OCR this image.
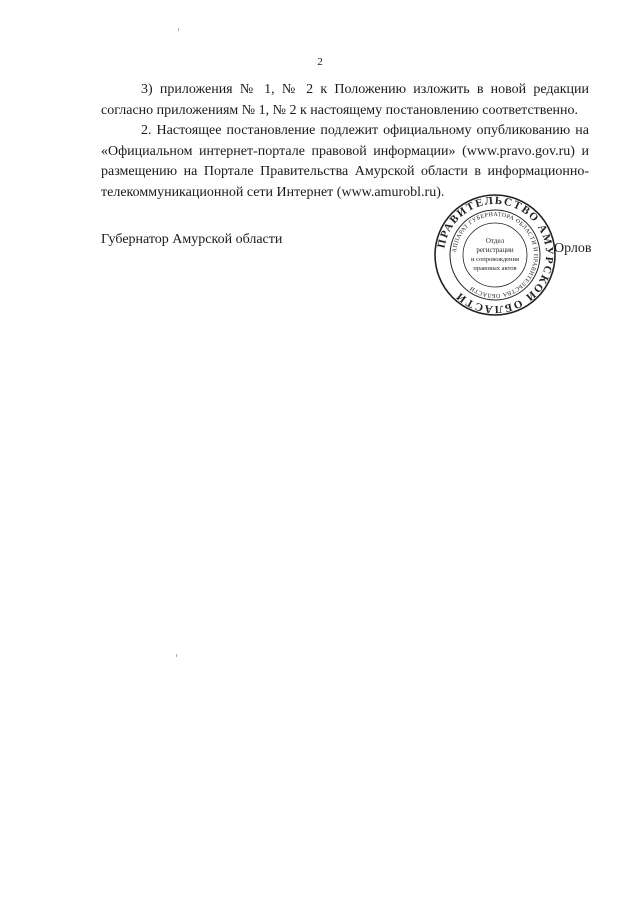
2

3) приложения № 1, № 2 к Положению изложить в новой редакции согласно приложениям № 1, № 2 к настоящему постановлению соответственно.

2. Настоящее постановление подлежит официальному опубликованию на «Официальном интернет-портале правовой информации» (www.pravo.gov.ru) и размещению на Портале Правительства Амурской области в информационно-телекоммуникационной сети Интернет (www.amurobl.ru).

Губернатор Амурской области	ПРАВИТЕЛЬСТВО АМУРСКОЙ ОБЛАСТИ
АППАРАТ ГУБЕРНАТОРА ОБЛАСТИ И ПРАВИТЕЛЬСТВА ОБЛАСТИ
Отдел
регистрации
и сопровождения
правовых актов
Орлов
